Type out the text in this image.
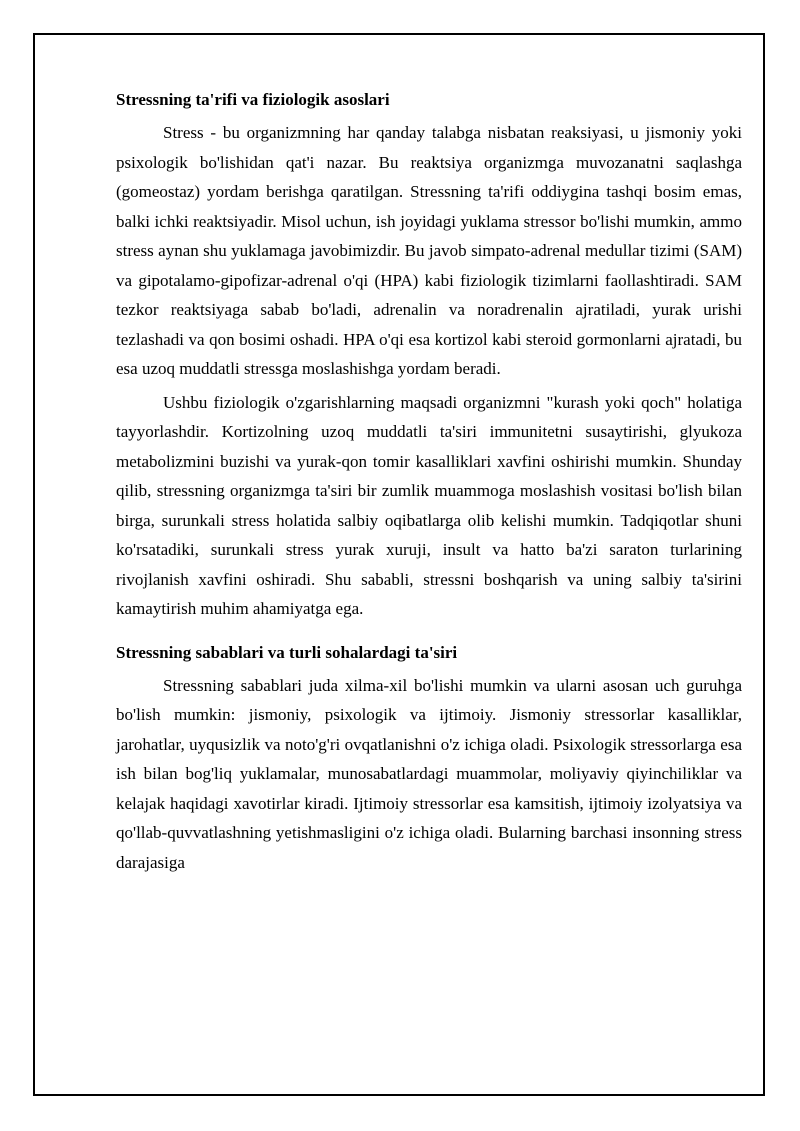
Stressning ta'rifi va fiziologik asoslari

Stress - bu organizmning har qanday talabga nisbatan reaksiyasi, u jismoniy yoki psixologik bo'lishidan qat'i nazar. Bu reaktsiya organizmga muvozanatni saqlashga (gomeostaz) yordam berishga qaratilgan. Stressning ta'rifi oddiygina tashqi bosim emas, balki ichki reaktsiyadir. Misol uchun, ish joyidagi yuklama stressor bo'lishi mumkin, ammo stress aynan shu yuklamaga javobimizdir. Bu javob simpato-adrenal medullar tizimi (SAM) va gipotalamo-gipofizar-adrenal o'qi (HPA) kabi fiziologik tizimlarni faollashtiradi. SAM tezkor reaktsiyaga sabab bo'ladi, adrenalin va noradrenalin ajratiladi, yurak urishi tezlashadi va qon bosimi oshadi. HPA o'qi esa kortizol kabi steroid gormonlarni ajratadi, bu esa uzoq muddatli stressga moslashishga yordam beradi.

Ushbu fiziologik o'zgarishlarning maqsadi organizmni "kurash yoki qoch" holatiga tayyorlashdir. Kortizolning uzoq muddatli ta'siri immunitetni susaytirishi, glyukoza metabolizmini buzishi va yurak-qon tomir kasalliklari xavfini oshirishi mumkin. Shunday qilib, stressning organizmga ta'siri bir zumlik muammoga moslashish vositasi bo'lish bilan birga, surunkali stress holatida salbiy oqibatlarga olib kelishi mumkin. Tadqiqotlar shuni ko'rsatadiki, surunkali stress yurak xuruji, insult va hatto ba'zi saraton turlarining rivojlanish xavfini oshiradi. Shu sababli, stressni boshqarish va uning salbiy ta'sirini kamaytirish muhim ahamiyatga ega.

Stressning sabablari va turli sohalardagi ta'siri

Stressning sabablari juda xilma-xil bo'lishi mumkin va ularni asosan uch guruhga bo'lish mumkin: jismoniy, psixologik va ijtimoiy. Jismoniy stressorlar kasalliklar, jarohatlar, uyqusizlik va noto'g'ri ovqatlanishni o'z ichiga oladi. Psixologik stressorlarga esa ish bilan bog'liq yuklamalar, munosabatlardagi muammolar, moliyaviy qiyinchiliklar va kelajak haqidagi xavotirlar kiradi. Ijtimoiy stressorlar esa kamsitish, ijtimoiy izolyatsiya va qo'llab-quvvatlashning yetishmasligini o'z ichiga oladi. Bularning barchasi insonning stress darajasiga
